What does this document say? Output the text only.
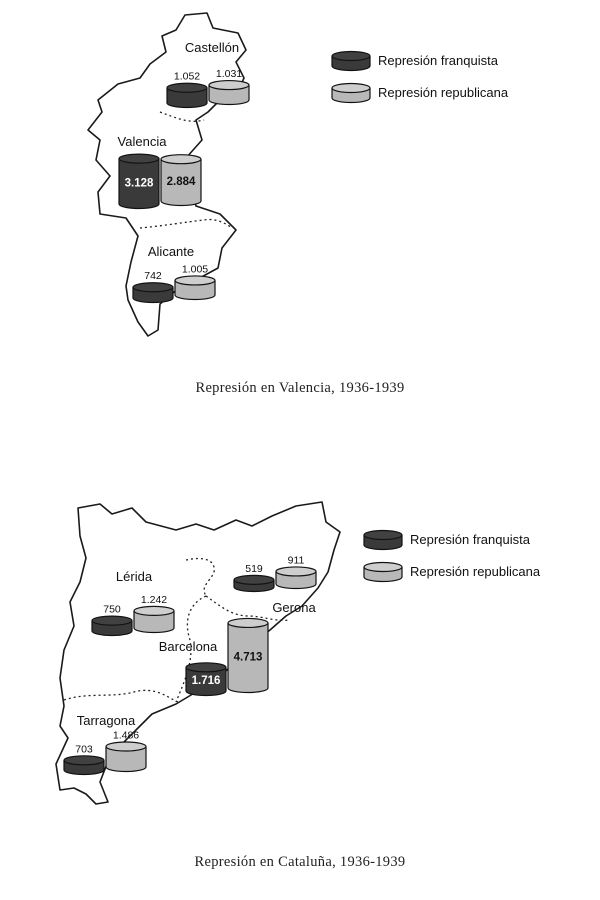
Castellón
1.052 1.031
Valencia
3.128 2.884
Alicante
742
1.005
Represión franquista
Represión republicana
Represión en Valencia, 1936-1939
Lérida
750
1.242
Gerona
519
911
Barcelona
1.716
4.713
Tarragona
703
1.486
Represión franquista
Represión republicana
Represión en Cataluña, 1936-1939
